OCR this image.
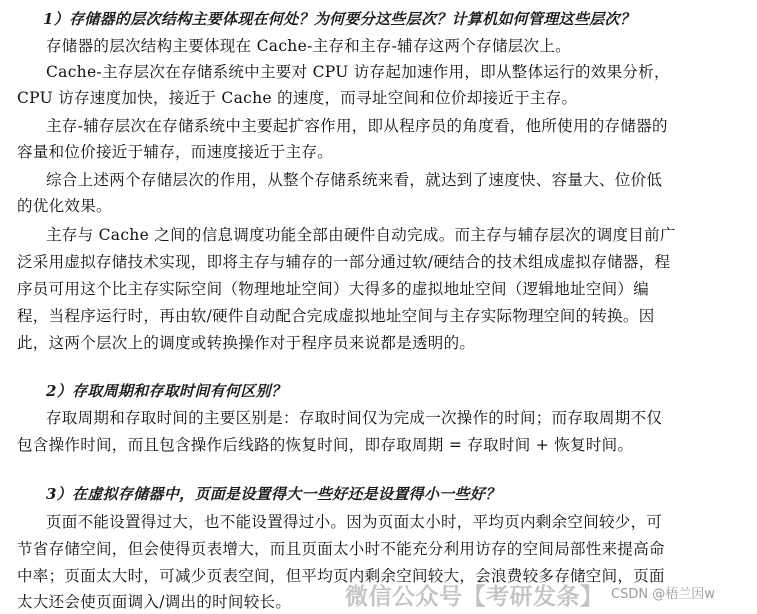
1）存储器的层次结构主要体现在何处？为何要分这些层次？计算机如何管理这些层次？
存储器的层次结构主要体现在 Cache-主存和主存-辅存这两个存储层次上。
Cache-主存层次在存储系统中主要对 CPU 访存起加速作用，即从整体运行的效果分析，
CPU 访存速度加快，接近于 Cache 的速度，而寻址空间和位价却接近于主存。
主存-辅存层次在存储系统中主要起扩容作用，即从程序员的角度看，他所使用的存储器的
容量和位价接近于辅存，而速度接近于主存。
综合上述两个存储层次的作用，从整个存储系统来看，就达到了速度快、容量大、位价低
的优化效果。
主存与 Cache 之间的信息调度功能全部由硬件自动完成。而主存与辅存层次的调度目前广
泛采用虚拟存储技术实现，即将主存与辅存的一部分通过软/硬结合的技术组成虚拟存储器，程
序员可用这个比主存实际空间（物理地址空间）大得多的虚拟地址空间（逻辑地址空间）编
程，当程序运行时，再由软/硬件自动配合完成虚拟地址空间与主存实际物理空间的转换。因
此，这两个层次上的调度或转换操作对于程序员来说都是透明的。
2）存取周期和存取时间有何区别？
存取周期和存取时间的主要区别是：存取时间仅为完成一次操作的时间；而存取周期不仅
包含操作时间，而且包含操作后线路的恢复时间，即存取周期 = 存取时间 + 恢复时间。
3）在虚拟存储器中，页面是设置得大一些好还是设置得小一些好？
页面不能设置得过大，也不能设置得过小。因为页面太小时，平均页内剩余空间较少，可
节省存储空间，但会使得页表增大，而且页面太小时不能充分利用访存的空间局部性来提高命
中率；页面太大时，可减少页表空间，但平均页内剩余空间较大，会浪费较多存储空间，页面
太大还会使页面调入/调出的时间较长。 微信公众号【考研发条】 CSDN @梧兰因w
